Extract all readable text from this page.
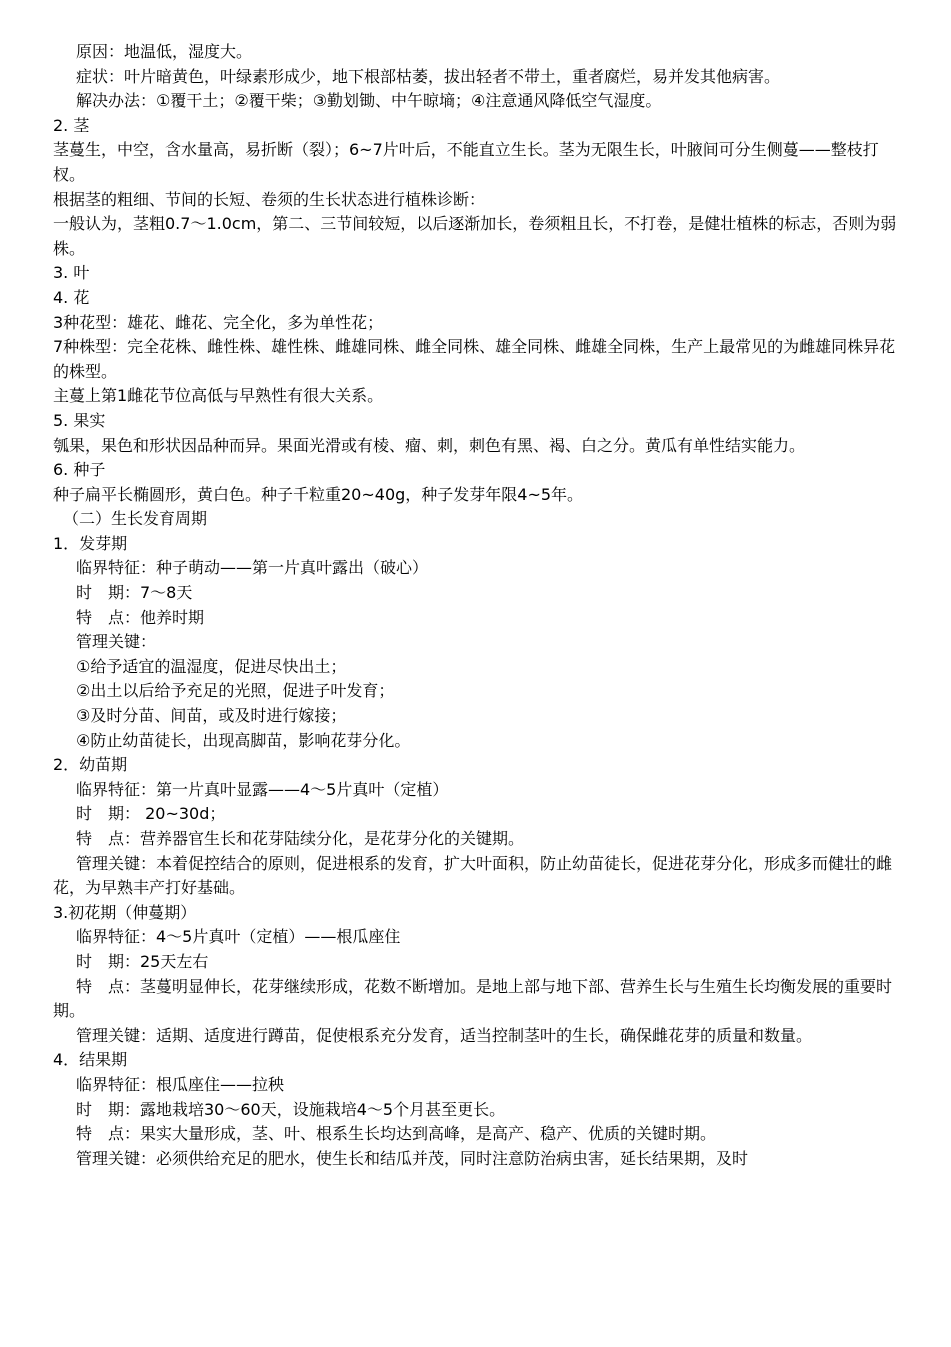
原因：地温低，湿度大。

症状：叶片暗黄色，叶绿素形成少，地下根部枯萎，拔出轻者不带土，重者腐烂，易并发其他病害。

解决办法：①覆干土；②覆干柴；③勤划锄、中午晾墒；④注意通风降低空气湿度。

2. 茎

茎蔓生，中空，含水量高，易折断（裂）；6~7片叶后，不能直立生长。茎为无限生长，叶腋间可分生侧蔓——整枝打杈。

根据茎的粗细、节间的长短、卷须的生长状态进行植株诊断：

一般认为，茎粗0.7～1.0cm，第二、三节间较短，以后逐渐加长，卷须粗且长，不打卷，是健壮植株的标志，否则为弱株。

3. 叶

4. 花

3种花型：雄花、雌花、完全化，多为单性花；

7种株型：完全花株、雌性株、雄性株、雌雄同株、雌全同株、雄全同株、雌雄全同株，生产上最常见的为雌雄同株异花的株型。

主蔓上第1雌花节位高低与早熟性有很大关系。

5. 果实

瓠果，果色和形状因品种而异。果面光滑或有棱、瘤、刺，刺色有黑、褐、白之分。黄瓜有单性结实能力。

6. 种子

种子扁平长椭圆形，黄白色。种子千粒重20~40g，种子发芽年限4~5年。

（二）生长发育周期

1．发芽期

临界特征：种子萌动——第一片真叶露出（破心）

时　期：7～8天

特　点：他养时期

管理关键：

①给予适宜的温湿度，促进尽快出土；

②出土以后给予充足的光照，促进子叶发育；

③及时分苗、间苗，或及时进行嫁接；

④防止幼苗徒长，出现高脚苗，影响花芽分化。

2．幼苗期

临界特征：第一片真叶显露——4～5片真叶（定植）

时　期： 20~30d；

特　点：营养器官生长和花芽陆续分化，是花芽分化的关键期。

管理关键：本着促控结合的原则，促进根系的发育，扩大叶面积，防止幼苗徒长，促进花芽分化，形成多而健壮的雌花，为早熟丰产打好基础。

3.初花期（伸蔓期）

临界特征：4～5片真叶（定植）——根瓜座住

时　期：25天左右

特　点：茎蔓明显伸长，花芽继续形成，花数不断增加。是地上部与地下部、营养生长与生殖生长均衡发展的重要时期。

管理关键：适期、适度进行蹲苗，促使根系充分发育，适当控制茎叶的生长，确保雌花芽的质量和数量。

4．结果期

临界特征：根瓜座住——拉秧

时　期：露地栽培30～60天，设施栽培4～5个月甚至更长。

特　点：果实大量形成，茎、叶、根系生长均达到高峰，是高产、稳产、优质的关键时期。

管理关键：必须供给充足的肥水，使生长和结瓜并茂，同时注意防治病虫害，延长结果期，及时
